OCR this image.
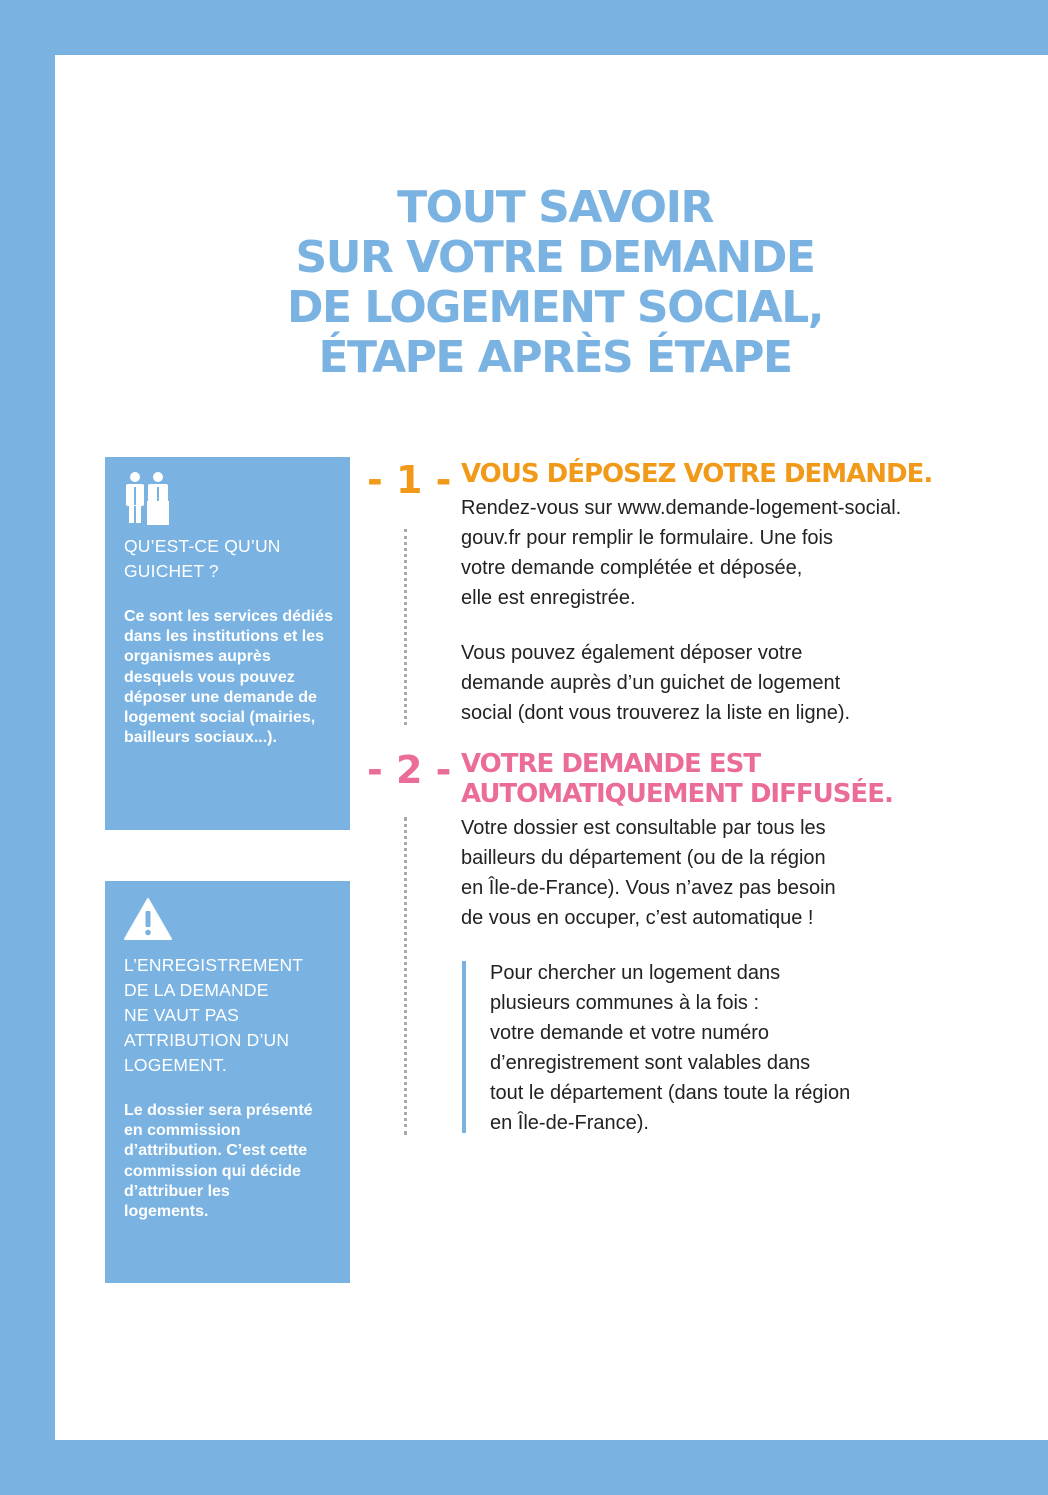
TOUT SAVOIR
SUR VOTRE DEMANDE
DE LOGEMENT SOCIAL,
ÉTAPE APRÈS ÉTAPE
QU’EST-CE QU’UN
GUICHET ?
Ce sont les services dédiés dans les institutions et les organismes auprès desquels vous pouvez déposer une demande de logement social (mairies, bailleurs sociaux...).
L’ENREGISTREMENT
DE LA DEMANDE
NE VAUT PAS
ATTRIBUTION D’UN
LOGEMENT.
Le dossier sera présenté en commission d’attribution. C’est cette commission qui décide d’attribuer les logements.
- 1 - VOUS DÉPOSEZ VOTRE DEMANDE.
Rendez-vous sur www.demande-logement-social.
gouv.fr pour remplir le formulaire. Une fois
votre demande complétée et déposée,
elle est enregistrée.
Vous pouvez également déposer votre
demande auprès d’un guichet de logement
social (dont vous trouverez la liste en ligne).
- 2 - VOTRE DEMANDE EST
AUTOMATIQUEMENT DIFFUSÉE.
Votre dossier est consultable par tous les
bailleurs du département (ou de la région
en Île-de-France). Vous n’avez pas besoin
de vous en occuper, c’est automatique !
Pour chercher un logement dans
plusieurs communes à la fois :
votre demande et votre numéro
d’enregistrement sont valables dans
tout le département (dans toute la région
en Île-de-France).
